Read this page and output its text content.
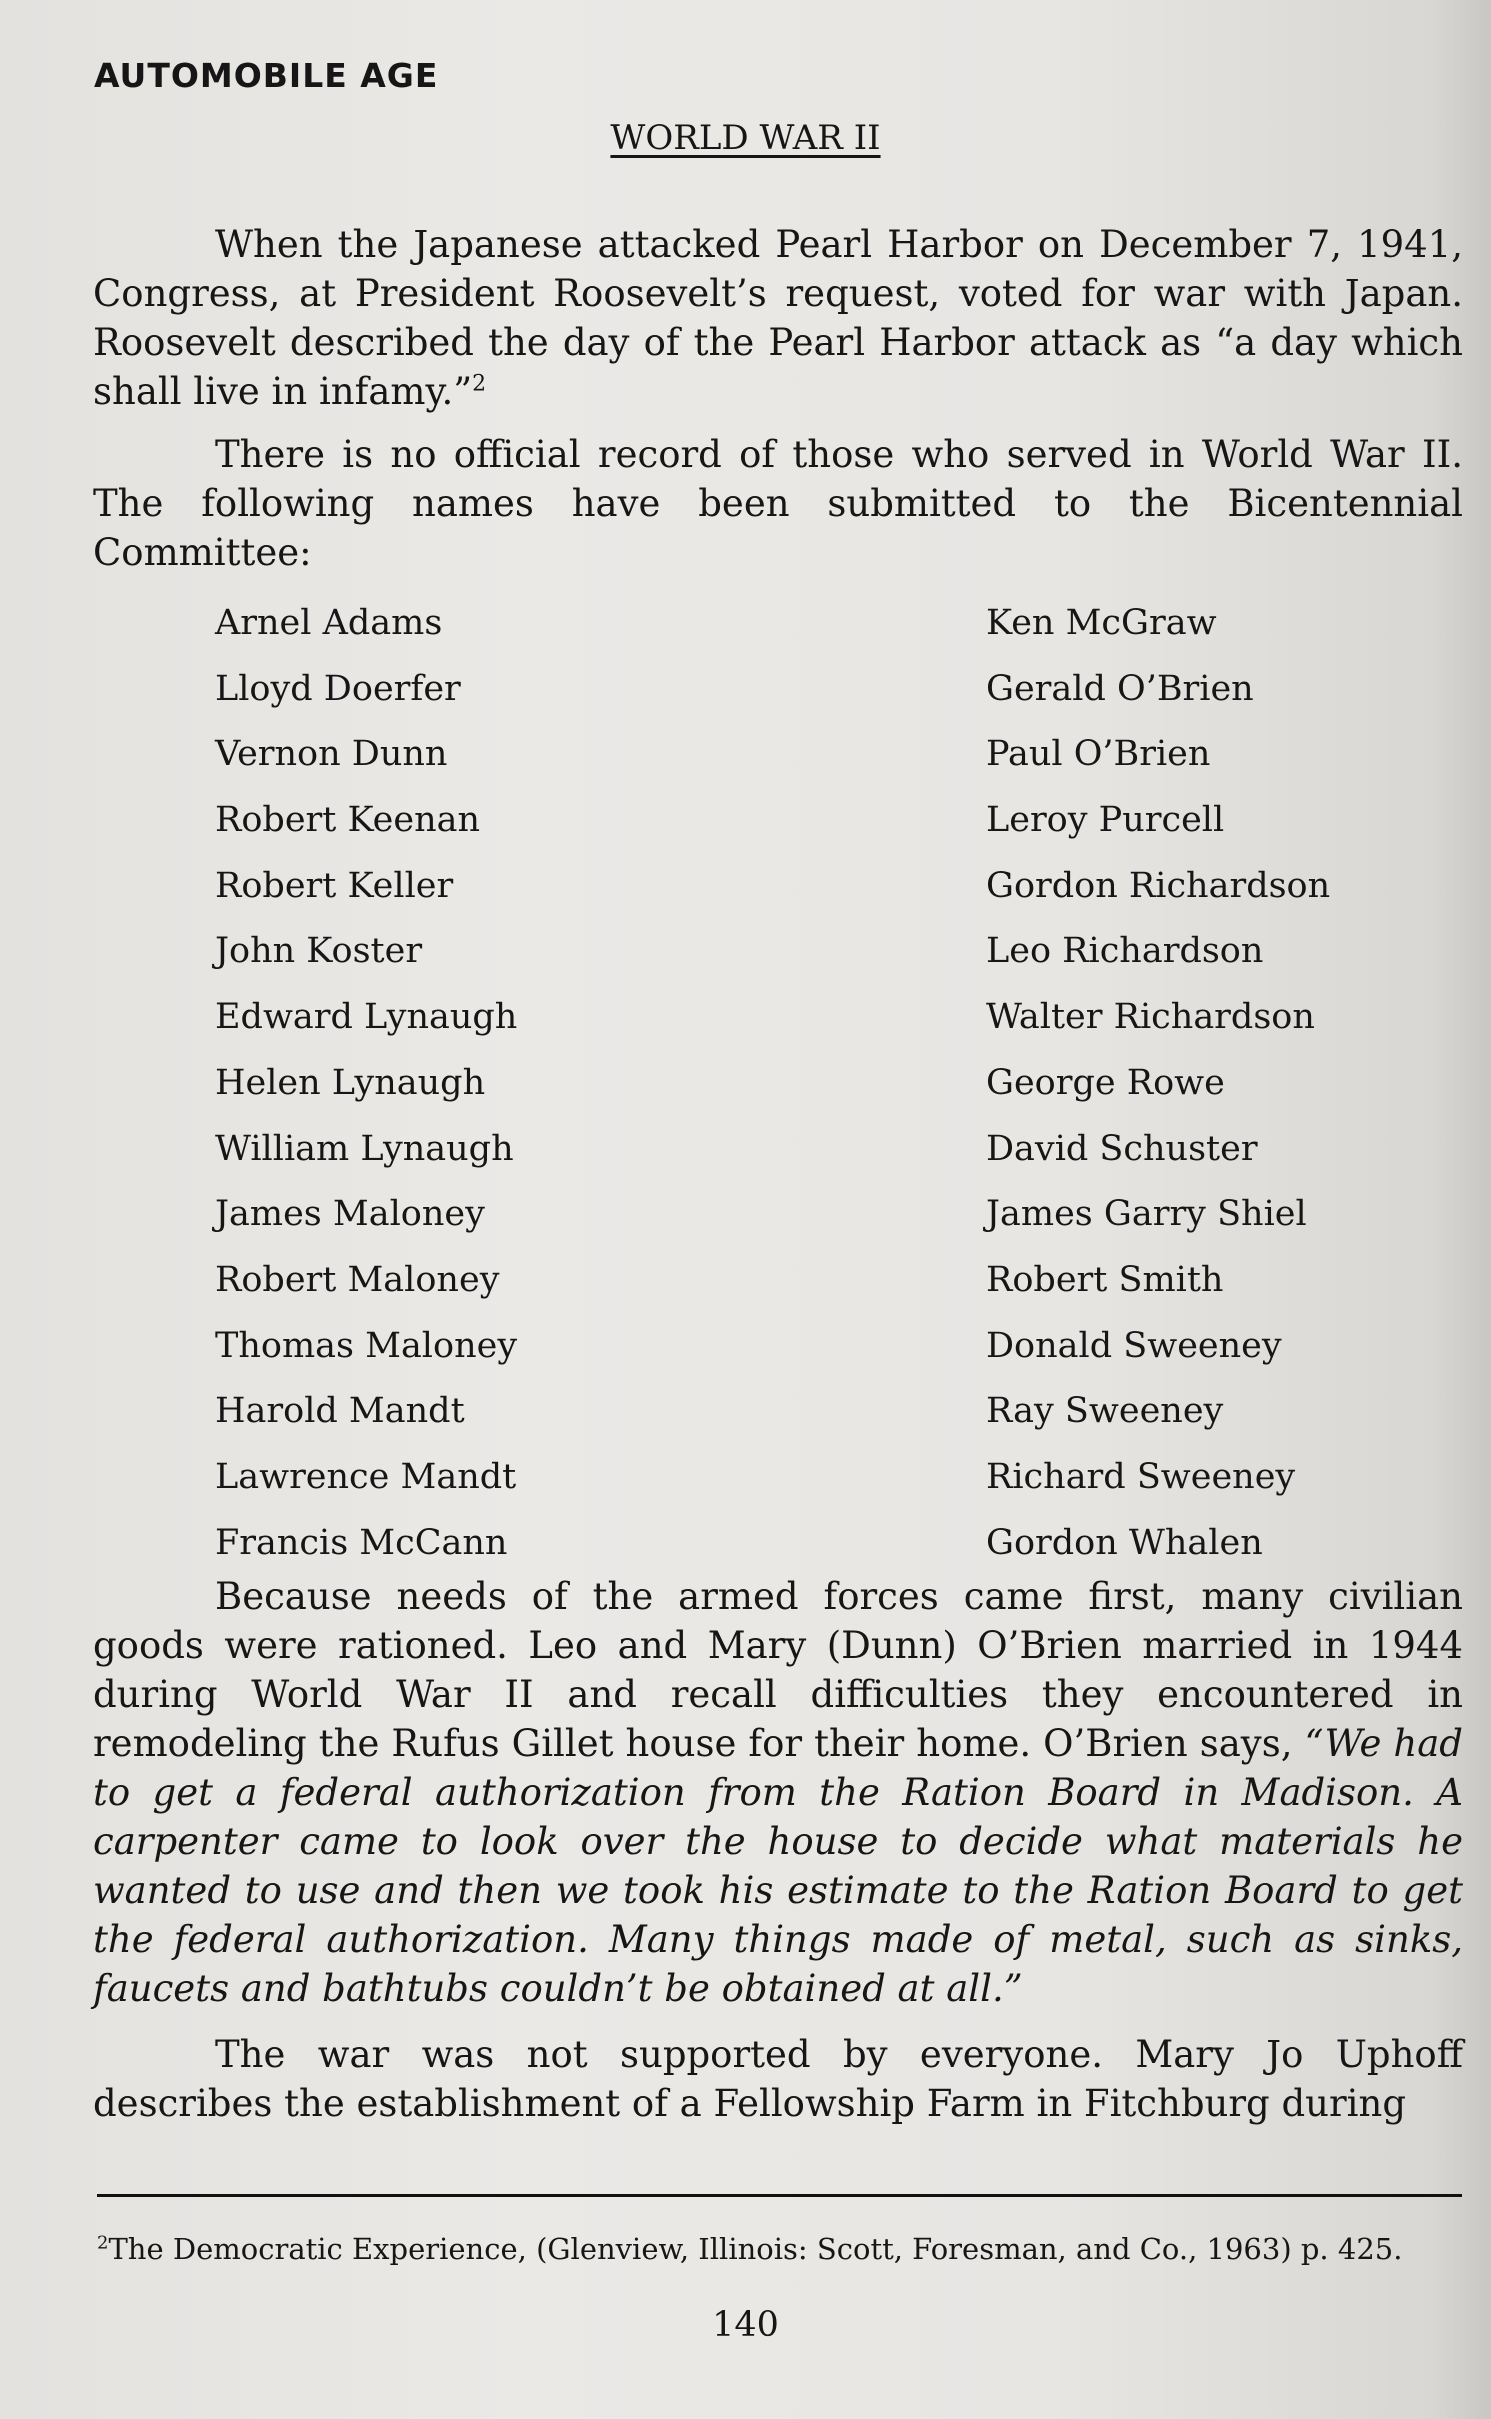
AUTOMOBILE AGE
WORLD WAR II

When the Japanese attacked Pearl Harbor on December 7, 1941, Congress, at President Roosevelt’s request, voted for war with Japan. Roosevelt described the day of the Pearl Harbor attack as “a day which shall live in infamy.”$^2$

There is no official record of those who served in World War II. The following names have been submitted to the Bicentennial Committee:

Arnel Adams
Lloyd Doerfer
Vernon Dunn
Robert Keenan
Robert Keller
John Koster
Edward Lynaugh
Helen Lynaugh
William Lynaugh
James Maloney
Robert Maloney
Thomas Maloney
Harold Mandt
Lawrence Mandt
Francis McCann
Ken McGraw
Gerald O’Brien
Paul O’Brien
Leroy Purcell
Gordon Richardson
Leo Richardson
Walter Richardson
George Rowe
David Schuster
James Garry Shiel
Robert Smith
Donald Sweeney
Ray Sweeney
Richard Sweeney
Gordon Whalen

Because needs of the armed forces came first, many civilian goods were rationed. Leo and Mary (Dunn) O’Brien married in 1944 during World War II and recall difficulties they encountered in remodeling the Rufus Gillet house for their home. O’Brien says, “We had to get a federal authorization from the Ration Board in Madison. A carpenter came to look over the house to decide what materials he wanted to use and then we took his estimate to the Ration Board to get the federal authorization. Many things made of metal, such as sinks, faucets and bathtubs couldn’t be obtained at all.”

The war was not supported by everyone. Mary Jo Uphoff describes the establishment of a Fellowship Farm in Fitchburg during

$^2$The Democratic Experience, (Glenview, Illinois: Scott, Foresman, and Co., 1963) p. 425.
140
